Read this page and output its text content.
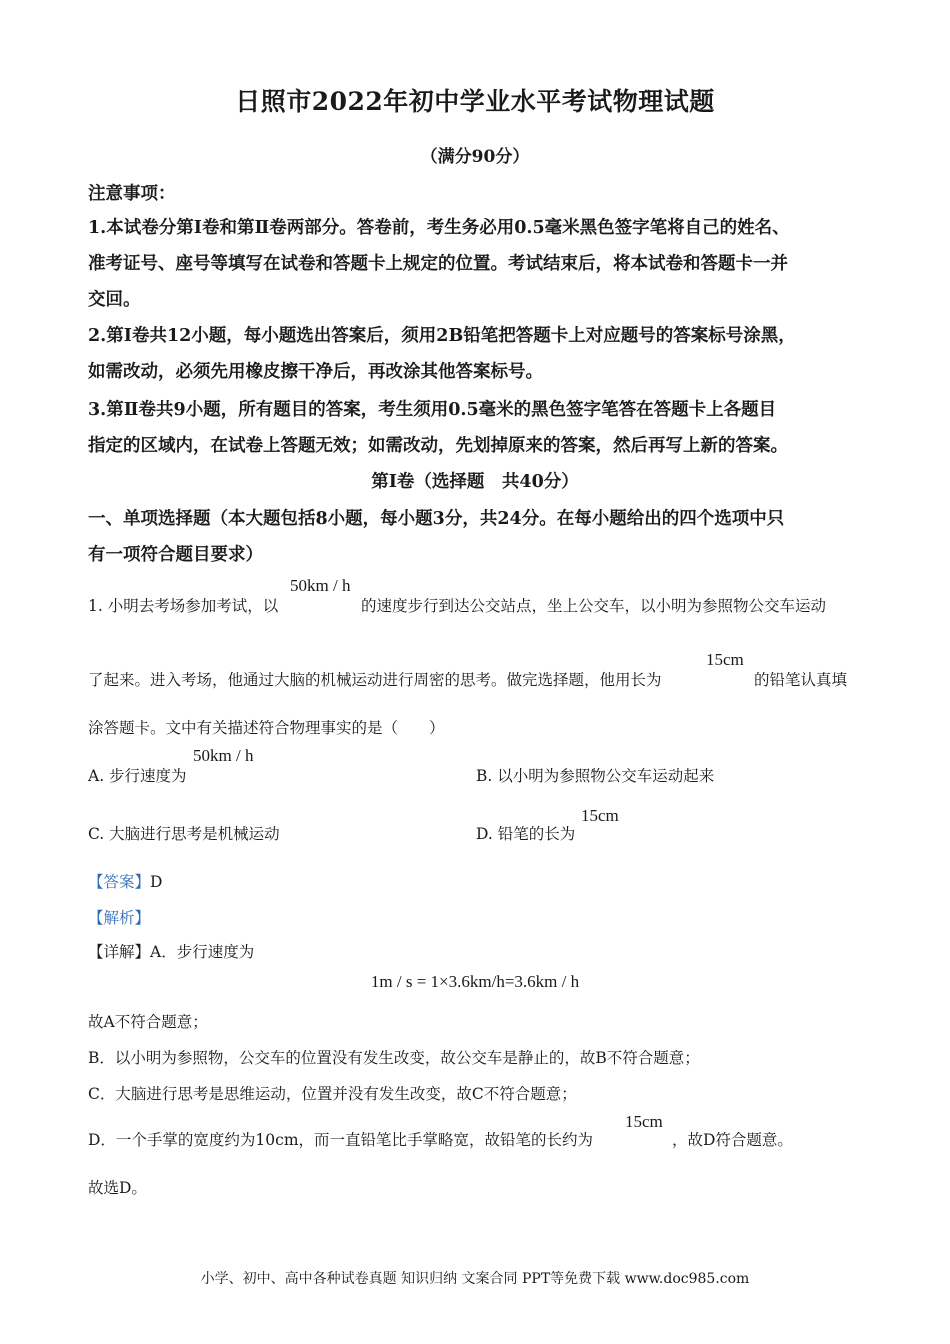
日照市2022年初中学业水平考试物理试题
（满分90分）
注意事项：
1.本试卷分第Ⅰ卷和第Ⅱ卷两部分。答卷前，考生务必用0.5毫米黑色签字笔将自己的姓名、
准考证号、座号等填写在试卷和答题卡上规定的位置。考试结束后，将本试卷和答题卡一并
交回。
2.第Ⅰ卷共12小题，每小题选出答案后，须用2B铅笔把答题卡上对应题号的答案标号涂黑，
如需改动，必须先用橡皮擦干净后，再改涂其他答案标号。
3.第Ⅱ卷共9小题，所有题目的答案，考生须用0.5毫米的黑色签字笔答在答题卡上各题目
指定的区域内，在试卷上答题无效；如需改动，先划掉原来的答案，然后再写上新的答案。
第Ⅰ卷（选择题　共40分）
一、单项选择题（本大题包括8小题，每小题3分，共24分。在每小题给出的四个选项中只
有一项符合题目要求）
1. 小明去考场参加考试，以
50km / h
的速度步行到达公交站点，坐上公交车，以小明为参照物公交车运动
了起来。进入考场，他通过大脑的机械运动进行周密的思考。做完选择题，他用长为
15cm
的铅笔认真填
涂答题卡。文中有关描述符合物理事实的是（　　）
A. 步行速度为
50km / h
B. 以小明为参照物公交车运动起来
C. 大脑进行思考是机械运动	D. 铅笔的长为
15cm
【答案】D
【解析】
【详解】A．步行速度为
1m / s = 1×3.6km/h=3.6km / h
故A不符合题意；
B．以小明为参照物，公交车的位置没有发生改变，故公交车是静止的，故B不符合题意；
C．大脑进行思考是思维运动，位置并没有发生改变，故C不符合题意；
D．一个手掌的宽度约为10cm，而一直铅笔比手掌略宽，故铅笔的长约为
15cm
，故D符合题意。
故选D。
小学、初中、高中各种试卷真题 知识归纳 文案合同 PPT等免费下载 www.doc985.com
